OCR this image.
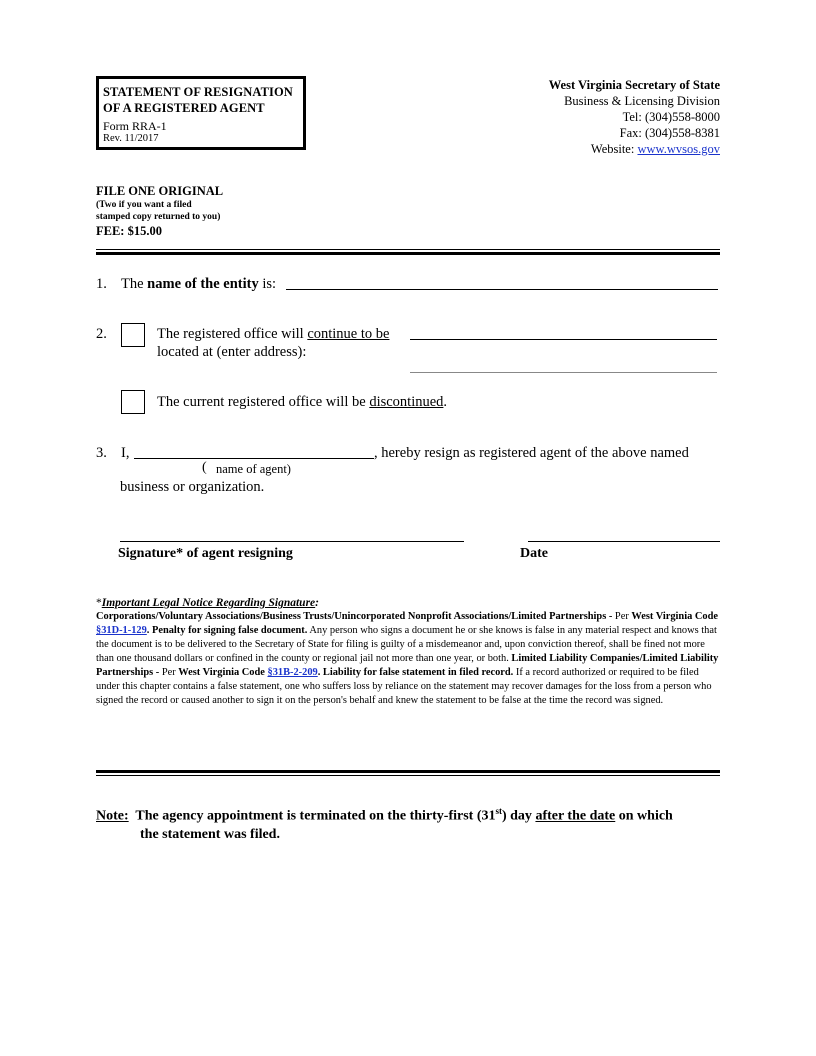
STATEMENT OF RESIGNATION
OF A REGISTERED AGENT
Form RRA-1
Rev. 11/2017
West Virginia Secretary of State
Business & Licensing Division
Tel: (304)558-8000
Fax: (304)558-8381
Website: www.wvsos.gov
FILE ONE ORIGINAL
(Two if you want a filed
stamped copy returned to you)
FEE: $15.00
1. The name of the entity is:
2.	The registered office will continue to be
located at (enter address):
The current registered office will be discontinued.
3. I,	, hereby resign as registered agent of the above named
( name of agent)
business or organization.
Signature* of agent resigning	Date
*Important Legal Notice Regarding Signature:
Corporations/Voluntary Associations/Business Trusts/Unincorporated Nonprofit Associations/Limited Partnerships - Per West Virginia Code §31D-1-129. Penalty for signing false document. Any person who signs a document he or she knows is false in any material respect and knows that the document is to be delivered to the Secretary of State for filing is guilty of a misdemeanor and, upon conviction thereof, shall be fined not more than one thousand dollars or confined in the county or regional jail not more than one year, or both. Limited Liability Companies/Limited Liability Partnerships - Per West Virginia Code §31B-2-209. Liability for false statement in filed record. If a record authorized or required to be filed under this chapter contains a false statement, one who suffers loss by reliance on the statement may recover damages for the loss from a person who signed the record or caused another to sign it on the person's behalf and knew the statement to be false at the time the record was signed.
Note: The agency appointment is terminated on the thirty-first (31st) day after the date on which
the statement was filed.
